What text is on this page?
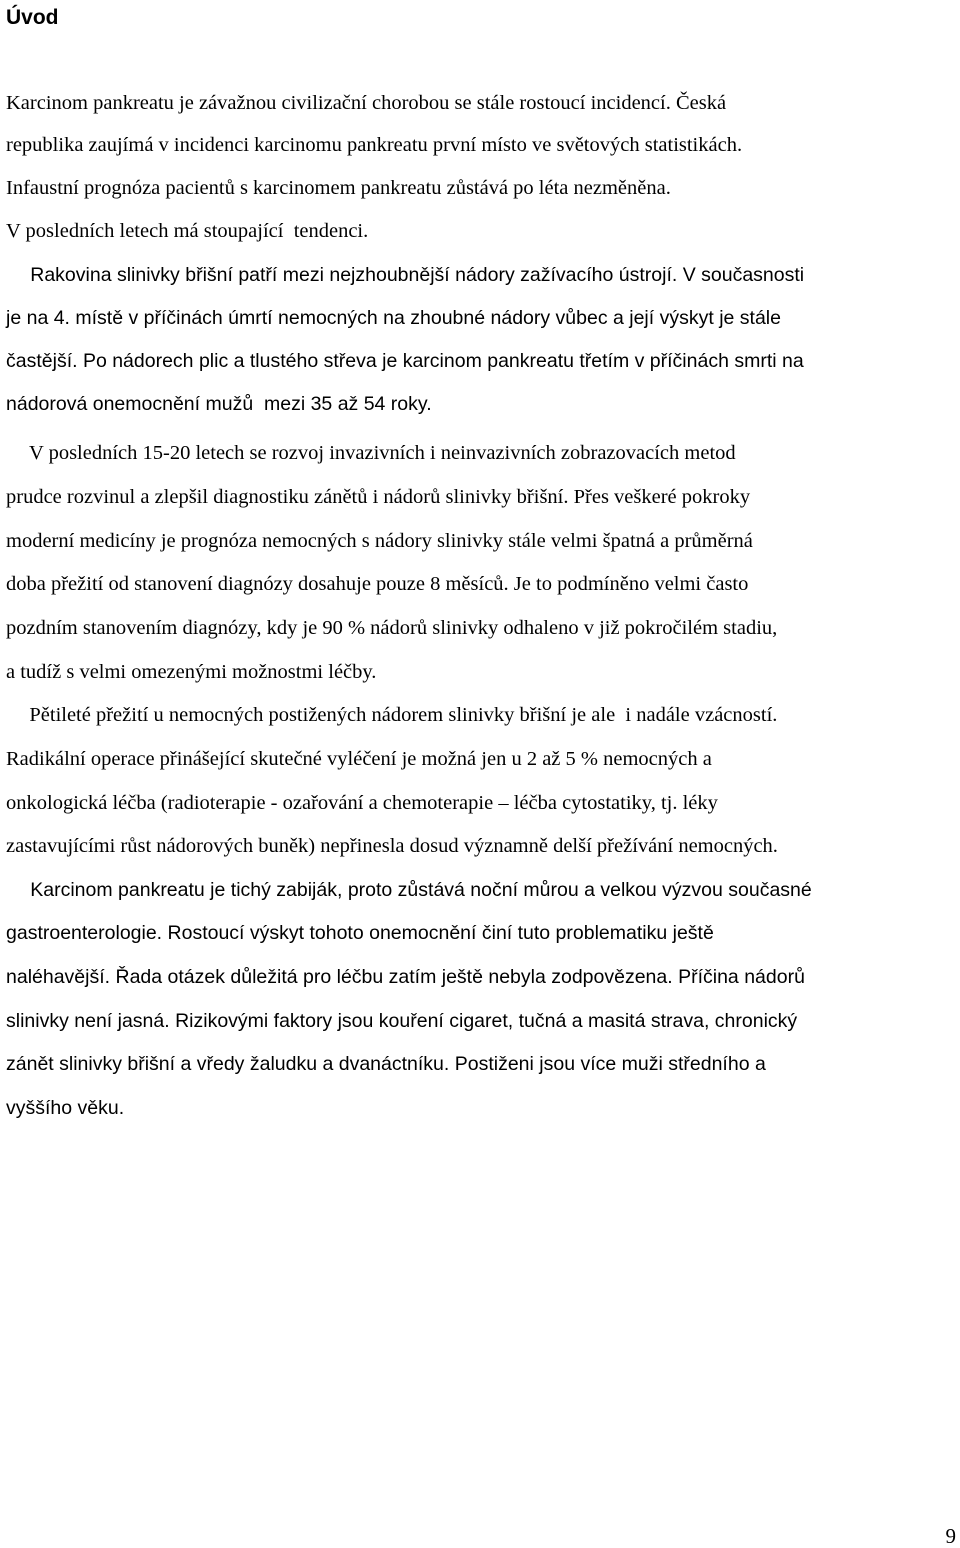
Úvod

Karcinom pankreatu je závažnou civilizační chorobou se stále rostoucí incidencí. Česká

republika zaujímá v incidenci karcinomu pankreatu první místo ve světových statistikách.

Infaustní prognóza pacientů s karcinomem pankreatu zůstává po léta nezměněna.

V posledních letech má stoupající  tendenci.

Rakovina slinivky břišní patří mezi nejzhoubnější nádory zažívacího ústrojí. V současnosti

je na 4. místě v příčinách úmrtí nemocných na zhoubné nádory vůbec a její výskyt je stále

častější. Po nádorech plic a tlustého střeva je karcinom pankreatu třetím v příčinách smrti na

nádorová onemocnění mužů  mezi 35 až 54 roky.

V posledních 15-20 letech se rozvoj invazivních i neinvazivních zobrazovacích metod

prudce rozvinul a zlepšil diagnostiku zánětů i nádorů slinivky břišní. Přes veškeré pokroky

moderní medicíny je prognóza nemocných s nádory slinivky stále velmi špatná a průměrná

doba přežití od stanovení diagnózy dosahuje pouze 8 měsíců. Je to podmíněno velmi často

pozdním stanovením diagnózy, kdy je 90 % nádorů slinivky odhaleno v již pokročilém stadiu,

a tudíž s velmi omezenými možnostmi léčby.

Pětileté přežití u nemocných postižených nádorem slinivky břišní je ale  i nadále vzácností.

Radikální operace přinášející skutečné vyléčení je možná jen u 2 až 5 % nemocných a

onkologická léčba (radioterapie - ozařování a chemoterapie – léčba cytostatiky, tj. léky

zastavujícími růst nádorových buněk) nepřinesla dosud významně delší přežívání nemocných.

Karcinom pankreatu je tichý zabiják, proto zůstává noční můrou a velkou výzvou současné

gastroenterologie. Rostoucí výskyt tohoto onemocnění činí tuto problematiku ještě

naléhavější. Řada otázek důležitá pro léčbu zatím ještě nebyla zodpovězena. Příčina nádorů

slinivky není jasná. Rizikovými faktory jsou kouření cigaret, tučná a masitá strava, chronický

zánět slinivky břišní a vředy žaludku a dvanáctníku. Postiženi jsou více muži středního a

vyššího věku.

9
